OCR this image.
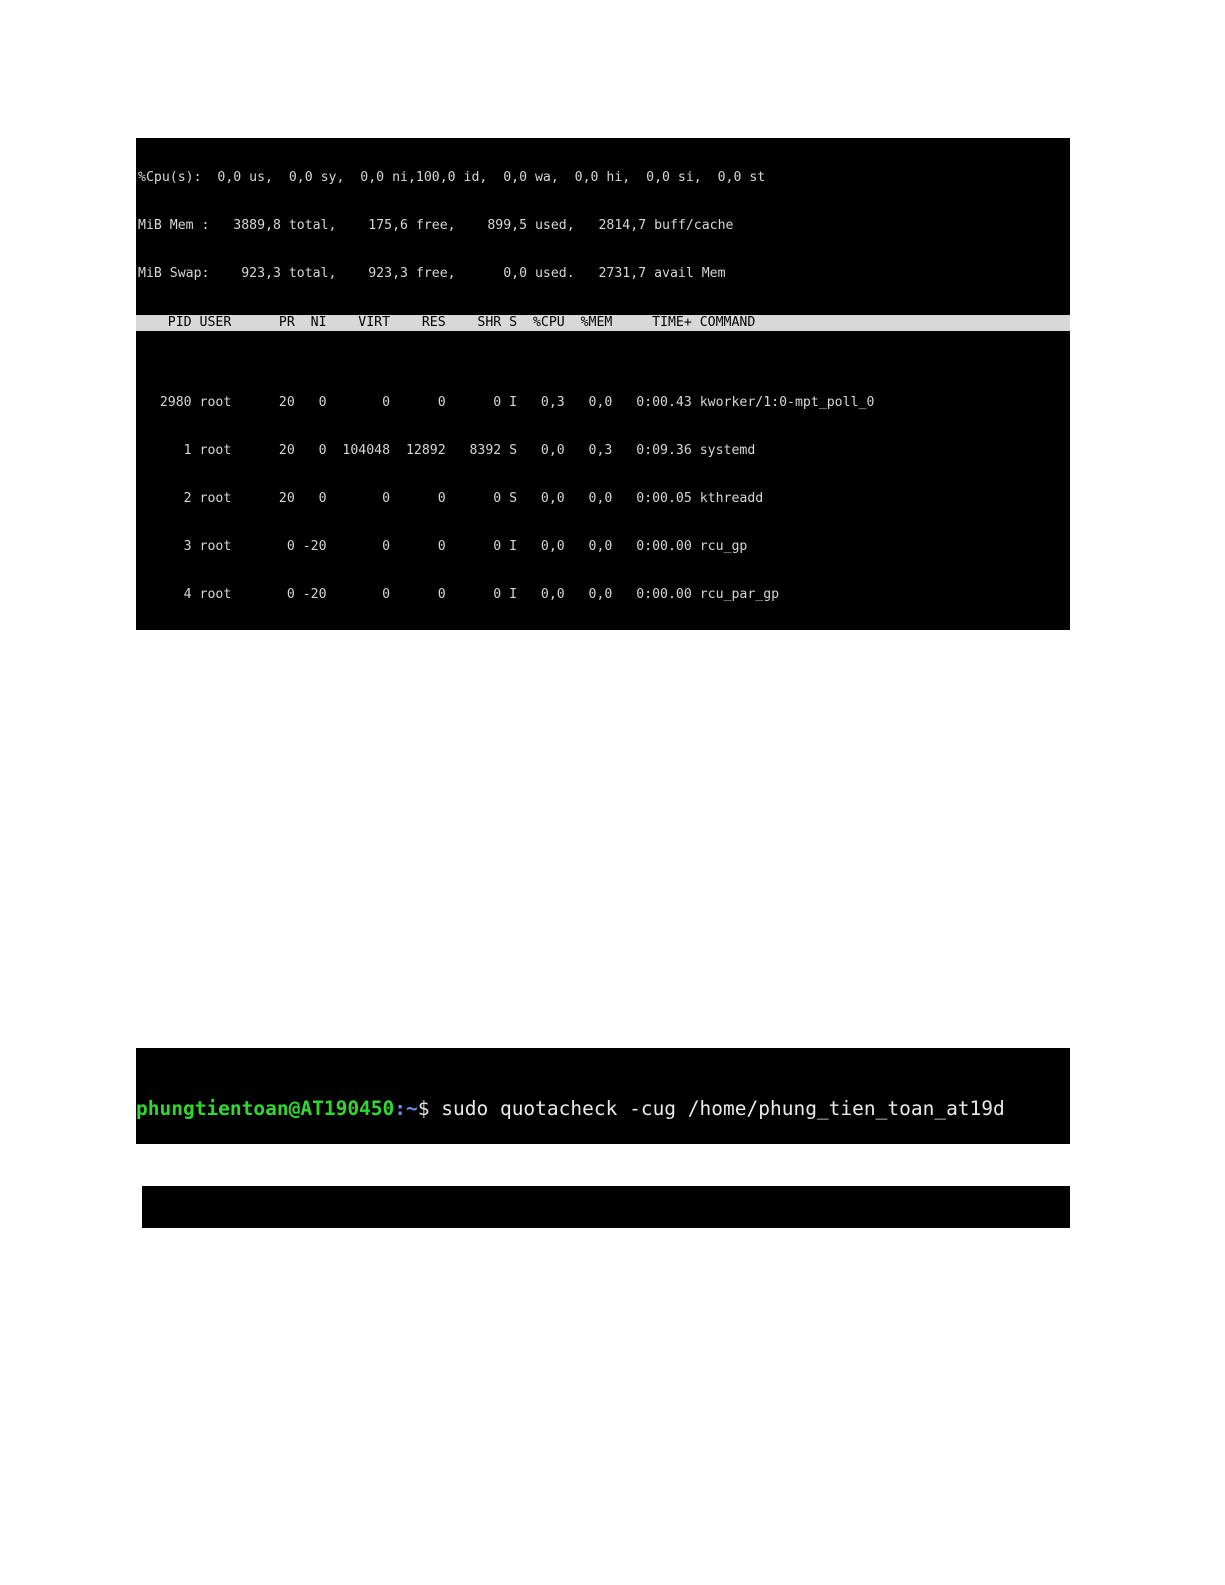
%Cpu(s):  0,0 us,  0,0 sy,  0,0 ni,100,0 id,  0,0 wa,  0,0 hi,  0,0 si,  0,0 st

MiB Mem :   3889,8 total,    175,6 free,    899,5 used,   2814,7 buff/cache

MiB Swap:    923,3 total,    923,3 free,      0,0 used.   2731,7 avail Mem

PID USER      PR  NI    VIRT    RES    SHR S  %CPU  %MEM     TIME+ COMMAND

2980 root      20   0       0      0      0 I   0,3   0,0   0:00.43 kworker/1:0-mpt_poll_0

1 root      20   0  104048  12892   8392 S   0,0   0,3   0:09.36 systemd

2 root      20   0       0      0      0 S   0,0   0,0   0:00.05 kthreadd

3 root       0 -20       0      0      0 I   0,0   0,0   0:00.00 rcu_gp

4 root       0 -20       0      0      0 I   0,0   0,0   0:00.00 rcu_par_gp

phungtientoan@AT190450:~$ sudo quotacheck -cug /home/phung_tien_toan_at19d
